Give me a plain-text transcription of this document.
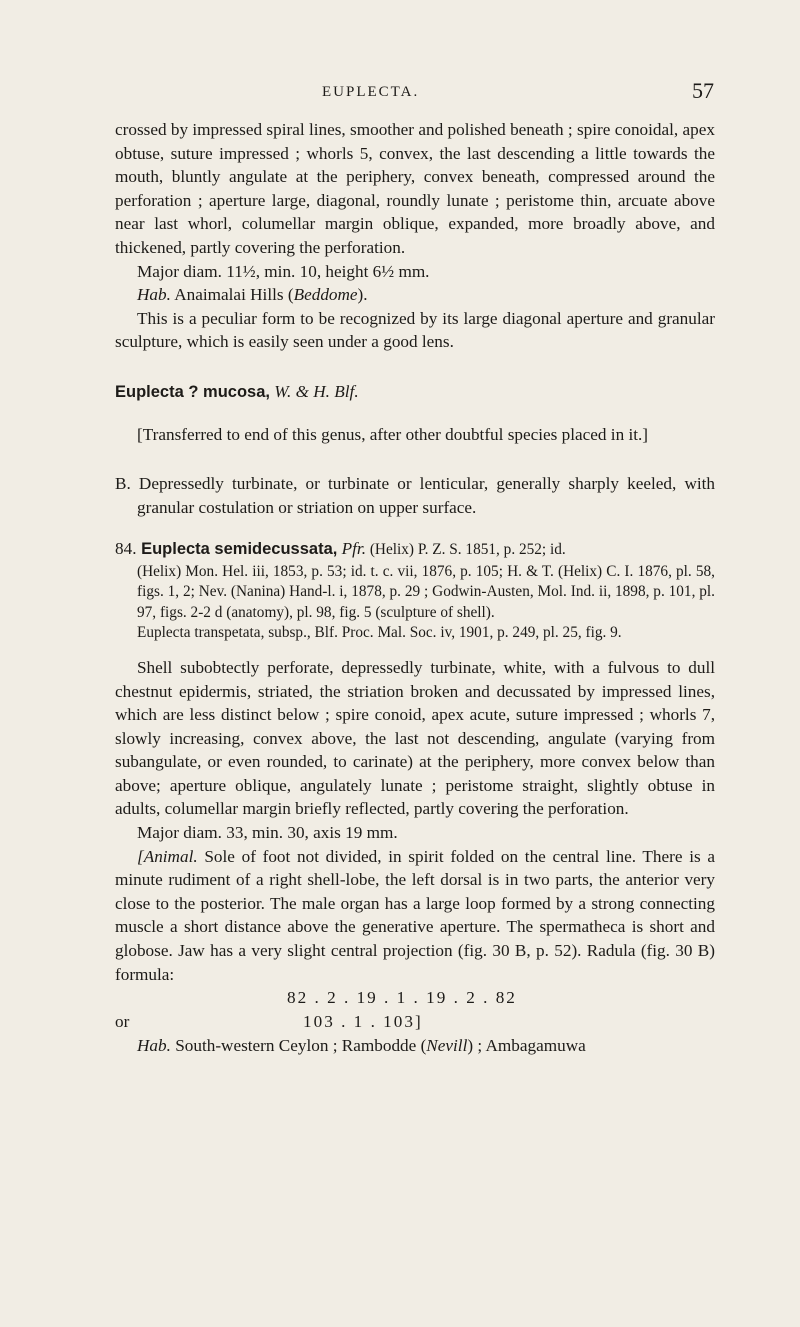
EUPLECTA.	57

crossed by impressed spiral lines, smoother and polished beneath ; spire conoidal, apex obtuse, suture impressed ; whorls 5, convex, the last descending a little towards the mouth, bluntly angulate at the periphery, convex beneath, compressed around the perforation ; aperture large, diagonal, roundly lunate ; peristome thin, arcuate above near last whorl, columellar margin oblique, expanded, more broadly above, and thickened, partly covering the perforation.

Major diam. 11½, min. 10, height 6½ mm.

Hab. Anaimalai Hills (Beddome).

This is a peculiar form to be recognized by its large diagonal aperture and granular sculpture, which is easily seen under a good lens.

Euplecta ? mucosa, W. & H. Blf.

[Transferred to end of this genus, after other doubtful species placed in it.]

B. Depressedly turbinate, or turbinate or lenticular, generally sharply keeled, with granular costulation or striation on upper surface.

84. Euplecta semidecussata, Pfr. (Helix) P. Z. S. 1851, p. 252; id.

(Helix) Mon. Hel. iii, 1853, p. 53; id. t. c. vii, 1876, p. 105; H. & T. (Helix) C. I. 1876, pl. 58, figs. 1, 2; Nev. (Nanina) Hand-l. i, 1878, p. 29 ; Godwin-Austen, Mol. Ind. ii, 1898, p. 101, pl. 97, figs. 2-2 d (anatomy), pl. 98, fig. 5 (sculpture of shell).

Euplecta transpetata, subsp., Blf. Proc. Mal. Soc. iv, 1901, p. 249, pl. 25, fig. 9.

Shell subobtectly perforate, depressedly turbinate, white, with a fulvous to dull chestnut epidermis, striated, the striation broken and decussated by impressed lines, which are less distinct below ; spire conoid, apex acute, suture impressed ; whorls 7, slowly increasing, convex above, the last not descending, angulate (varying from subangulate, or even rounded, to carinate) at the periphery, more convex below than above; aperture oblique, angulately lunate ; peristome straight, slightly obtuse in adults, columellar margin briefly reflected, partly covering the perforation.

Major diam. 33, min. 30, axis 19 mm.

[Animal. Sole of foot not divided, in spirit folded on the central line. There is a minute rudiment of a right shell-lobe, the left dorsal is in two parts, the anterior very close to the posterior. The male organ has a large loop formed by a strong connecting muscle a short distance above the generative aperture. The spermatheca is short and globose. Jaw has a very slight central projection (fig. 30 B, p. 52). Radula (fig. 30 B) formula:

82 . 2 . 19 . 1 . 19 . 2 . 82
or	103 . 1 . 103]

Hab. South-western Ceylon ; Rambodde (Nevill) ; Ambagamuwa
